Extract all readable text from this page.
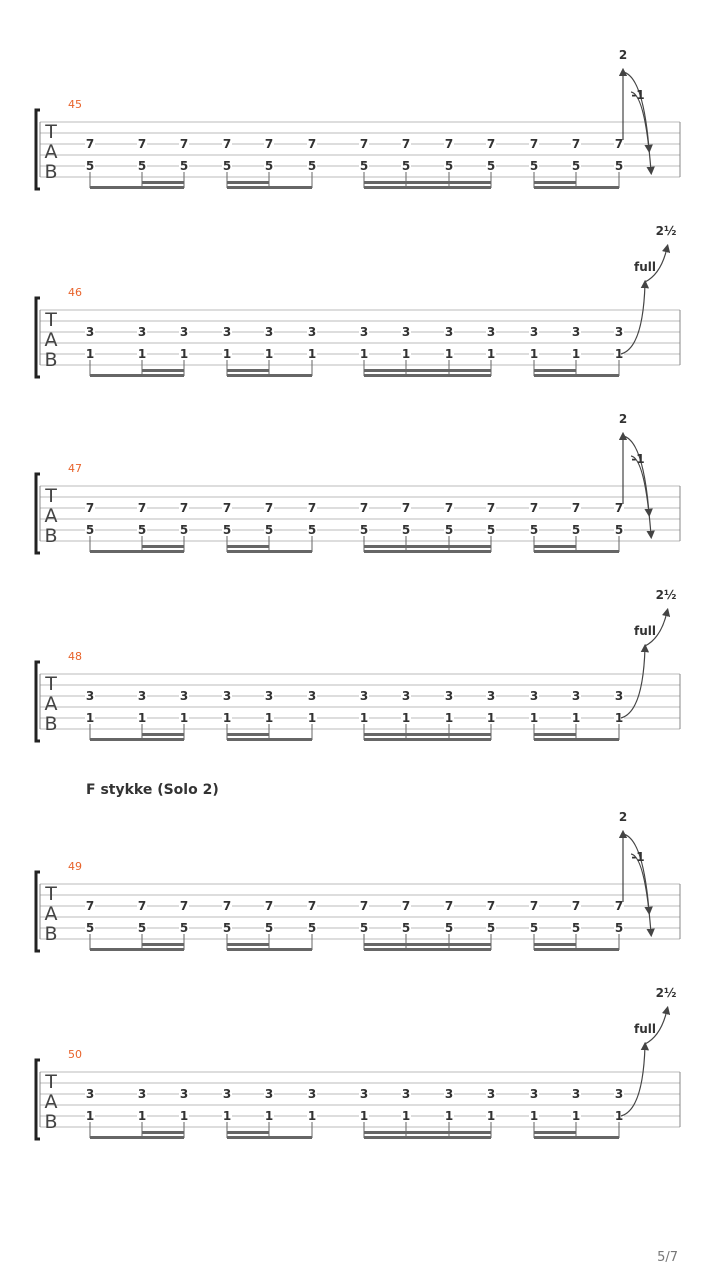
T
A
B
45
7
5
7
5
7
5
7
5
7
5
7
5
7
5
7
5
7
5
7
5
7
5
7
5
7
5
2
-1
T
A
B
46
3
1
3
1
3
1
3
1
3
1
3
1
3
1
3
1
3
1
3
1
3
1
3
1
3
1
full
2½
T
A
B
47
7
5
7
5
7
5
7
5
7
5
7
5
7
5
7
5
7
5
7
5
7
5
7
5
7
5
2
-1
T
A
B
48
3
1
3
1
3
1
3
1
3
1
3
1
3
1
3
1
3
1
3
1
3
1
3
1
3
1
full
2½
T
A
B
49
7
5
7
5
7
5
7
5
7
5
7
5
7
5
7
5
7
5
7
5
7
5
7
5
7
5
2
-1
T
A
B
50
3
1
3
1
3
1
3
1
3
1
3
1
3
1
3
1
3
1
3
1
3
1
3
1
3
1
full
2½
F stykke (Solo 2)
5/7
